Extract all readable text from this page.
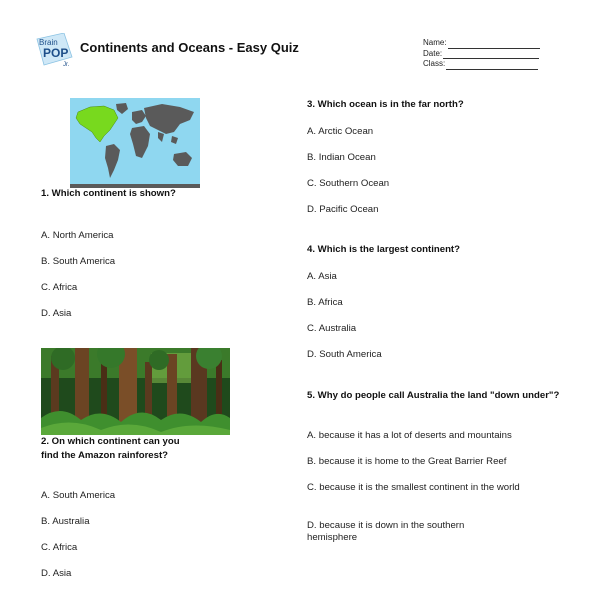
Brain
POP
Jr.
Continents and Oceans - Easy Quiz	Name:
Date:
Class:
1. Which continent is shown?
A. North America
B. South America
C. Africa
D. Asia
2. On which continent can you find the Amazon rainforest?
A. South America
B. Australia
C. Africa
D. Asia
3. Which ocean is in the far north?
A. Arctic Ocean
B. Indian Ocean
C. Southern Ocean
D. Pacific Ocean
4. Which is the largest continent?
A. Asia
B. Africa
C. Australia
D. South America
5. Why do people call Australia the land "down under"?
A. because it has a lot of deserts and mountains
B. because it is home to the Great Barrier Reef
C. because it is the smallest continent in the world
D. because it is down in the southern hemisphere
